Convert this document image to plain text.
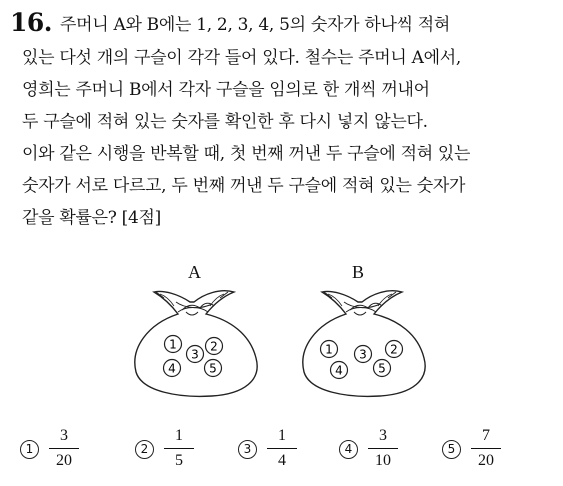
16. 주머니 A와 B에는 1, 2, 3, 4, 5의 숫자가 하나씩 적혀
있는 다섯 개의 구슬이 각각 들어 있다. 철수는 주머니 A에서,
영희는 주머니 B에서 각자 구슬을 임의로 한 개씩 꺼내어
두 구슬에 적혀 있는 숫자를 확인한 후 다시 넣지 않는다.
이와 같은 시행을 반복할 때, 첫 번째 꺼낸 두 구슬에 적혀 있는
숫자가 서로 다르고, 두 번째 꺼낸 두 구슬에 적혀 있는 숫자가
같을 확률은? [4점]
A	B
1	2
3
4	5
1	2
3
4	5
1
3
20
2
1
5
3
1
4
4
3
10
5
7
20
